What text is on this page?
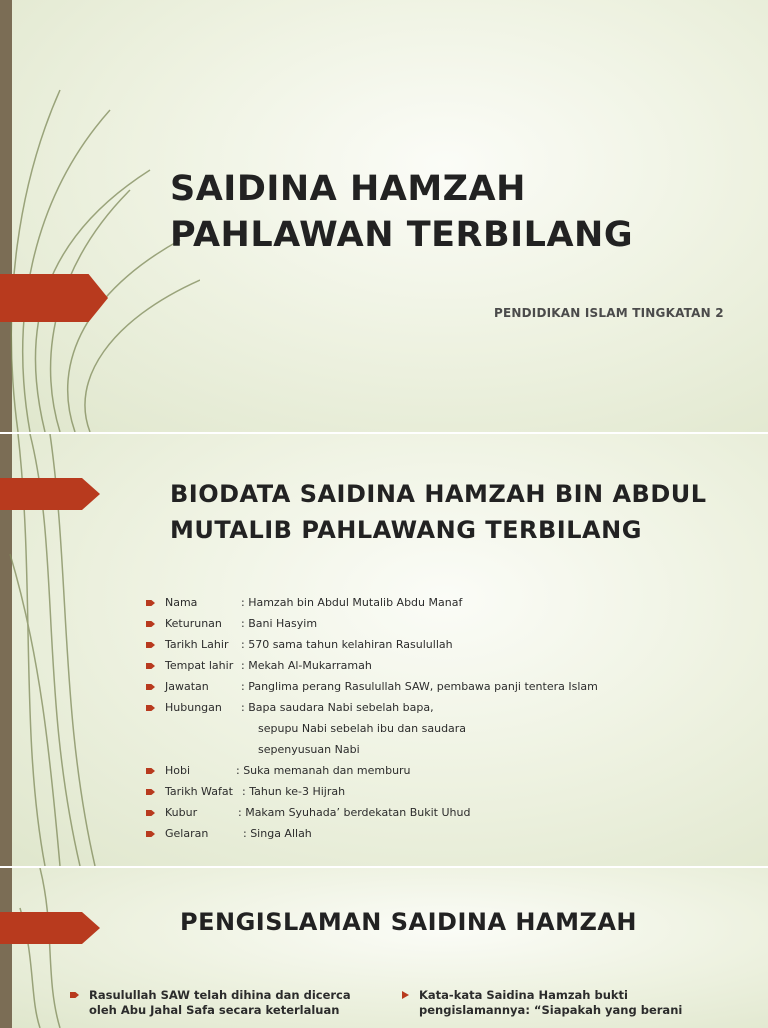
SAIDINA HAMZAH
PAHLAWAN TERBILANG
PENDIDIKAN ISLAM TINGKATAN 2
BIODATA SAIDINA HAMZAH BIN ABDUL
MUTALIB PAHLAWANG TERBILANG
Nama	: Hamzah bin Abdul Mutalib Abdu Manaf
Keturunan : Bani Hasyim
Tarikh Lahir : 570 sama tahun kelahiran Rasulullah
Tempat lahir : Mekah Al-Mukarramah
Jawatan	: Panglima perang Rasulullah SAW, pembawa panji tentera Islam
Hubungan : Bapa saudara Nabi sebelah bapa,
sepupu Nabi sebelah ibu dan saudara
sepenyusuan Nabi
Hobi	: Suka memanah dan memburu
Tarikh Wafat : Tahun ke-3 Hijrah
Kubur	: Makam Syuhada’ berdekatan Bukit Uhud
Gelaran	: Singa Allah
PENGISLAMAN SAIDINA HAMZAH
Rasulullah SAW telah dihina dan dicerca oleh Abu Jahal Safa secara keterlaluan
Kata-kata Saidina Hamzah bukti pengislamannya: “Siapakah yang berani
